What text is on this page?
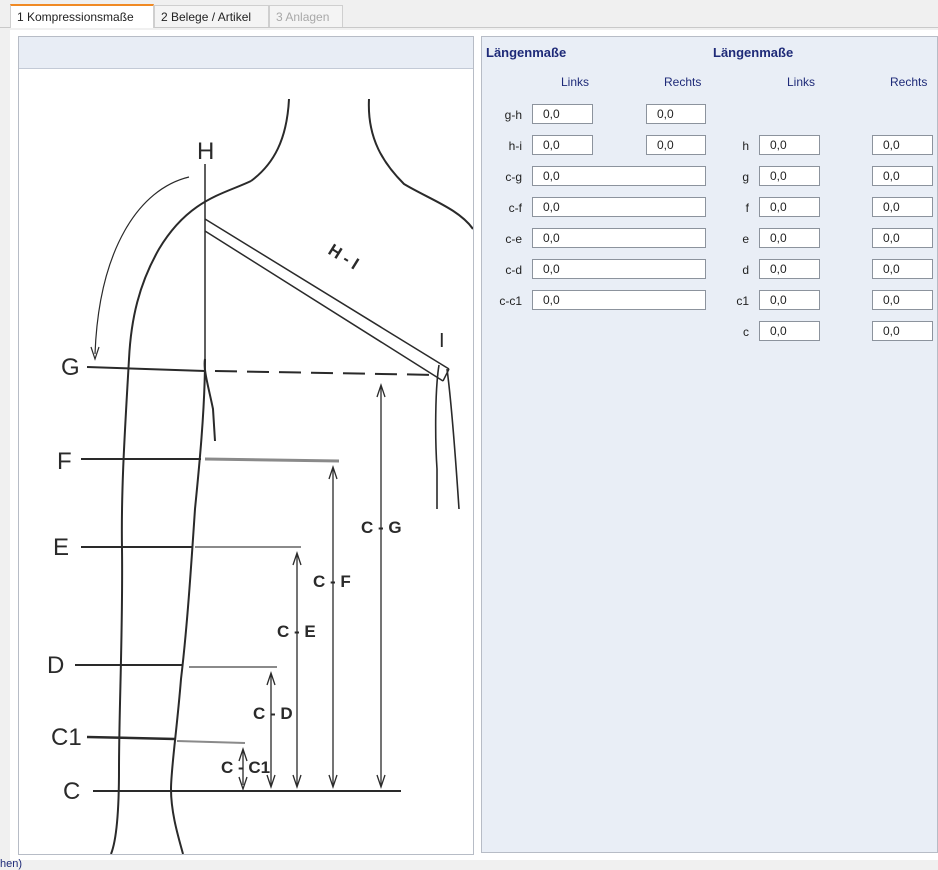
1 Kompressionsmaße	2 Belege / Artikel	3 Anlagen
H
I
G
F
E
D
C1
C
H - I
C - G
C - F
C - E
C - D
C - C1
Längenmaße
Links	Rechts
g-h	0,0	0,0
h-i	0,0	0,0
c-g	0,0
c-f	0,0
c-e	0,0
c-d	0,0
c-c1	0,0
Längenmaße
Links	Rechts
h	0,0	0,0
g	0,0	0,0
f	0,0	0,0
e	0,0	0,0
d	0,0	0,0
c1	0,0	0,0
c	0,0	0,0
hen)
